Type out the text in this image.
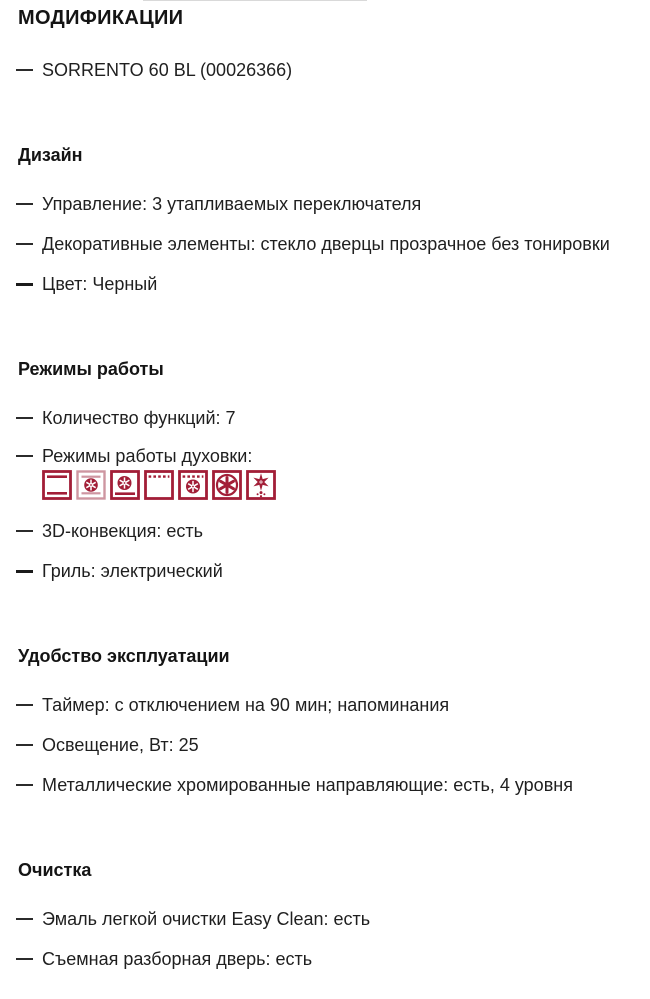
МОДИФИКАЦИИ
SORRENTO 60 BL (00026366)
Дизайн
Управление: 3 утапливаемых переключателя
Декоративные элементы: стекло дверцы прозрачное без тонировки
Цвет: Черный
Режимы работы
Количество функций: 7
Режимы работы духовки:
3D-конвекция: есть
Гриль: электрический
Удобство эксплуатации
Таймер: с отключением на 90 мин; напоминания
Освещение, Вт: 25
Металлические хромированные направляющие: есть, 4 уровня
Очистка
Эмаль легкой очистки Easy Clean: есть
Съемная разборная дверь: есть
